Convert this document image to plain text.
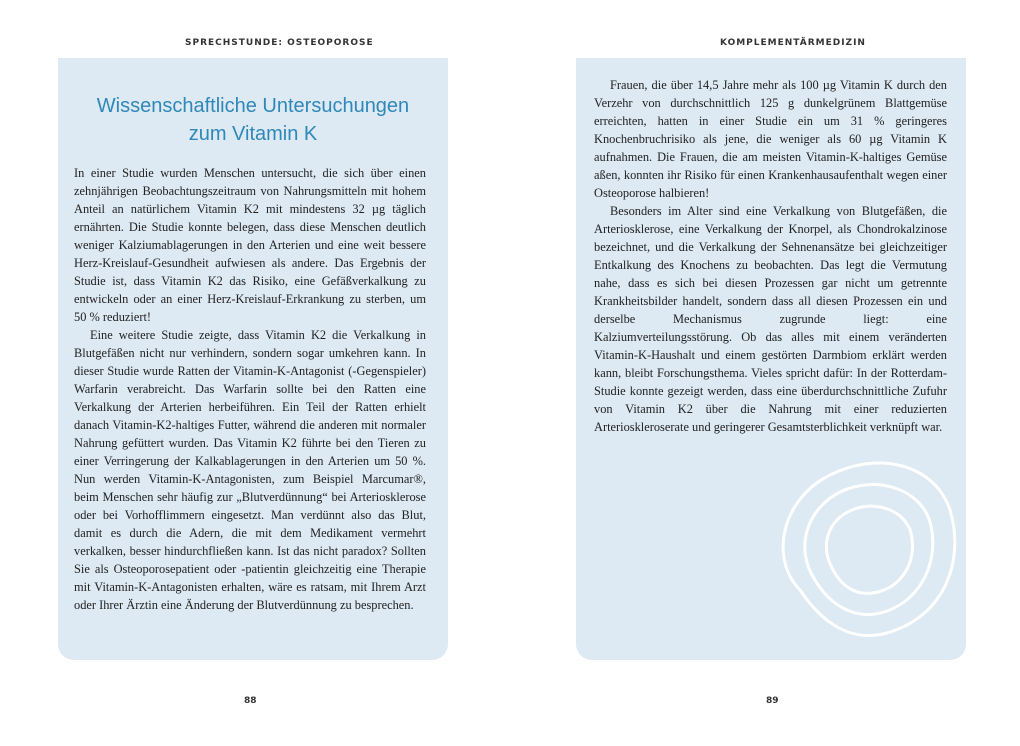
SPRECHSTUNDE: OSTEOPOROSE	KOMPLEMENTÄRMEDIZIN
Wissenschaftliche Untersuchungen
zum Vitamin K

In einer Studie wurden Menschen untersucht, die sich über einen zehnjährigen Beobachtungszeitraum von Nahrungsmitteln mit hohem Anteil an natürlichem Vitamin K2 mit mindestens 32 µg täglich ernährten. Die Studie konnte belegen, dass diese Menschen deutlich weniger Kalziumablagerungen in den Arterien und eine weit bessere Herz-Kreislauf-Gesundheit aufwiesen als andere. Das Ergebnis der Studie ist, dass Vitamin K2 das Risiko, eine Gefäßverkalkung zu entwickeln oder an einer Herz-Kreislauf-Erkrankung zu sterben, um 50 % reduziert!

Eine weitere Studie zeigte, dass Vitamin K2 die Verkalkung in Blutgefäßen nicht nur verhindern, sondern sogar umkehren kann. In dieser Studie wurde Ratten der Vitamin-K-Antagonist (-Gegenspieler) Warfarin verabreicht. Das Warfarin sollte bei den Ratten eine Verkalkung der Arterien herbeiführen. Ein Teil der Ratten erhielt danach Vitamin-K2-haltiges Futter, während die anderen mit normaler Nahrung gefüttert wurden. Das Vitamin K2 führte bei den Tieren zu einer Verringerung der Kalkablagerungen in den Arterien um 50 %. Nun werden Vitamin-K-Antagonisten, zum Beispiel Marcumar®, beim Menschen sehr häufig zur „Blutverdünnung“ bei Arteriosklerose oder bei Vorhofflimmern eingesetzt. Man verdünnt also das Blut, damit es durch die Adern, die mit dem Medikament vermehrt verkalken, besser hindurchfließen kann. Ist das nicht paradox? Sollten Sie als Osteoporosepatient oder -patientin gleichzeitig eine Therapie mit Vitamin-K-Antagonisten erhalten, wäre es ratsam, mit Ihrem Arzt oder Ihrer Ärztin eine Änderung der Blutverdünnung zu besprechen.

Frauen, die über 14,5 Jahre mehr als 100 µg Vitamin K durch den Verzehr von durchschnittlich 125 g dunkelgrünem Blattgemüse erreichten, hatten in einer Studie ein um 31 % geringeres Knochenbruchrisiko als jene, die weniger als 60 µg Vitamin K aufnahmen. Die Frauen, die am meisten Vitamin-K-haltiges Gemüse aßen, konnten ihr Risiko für einen Krankenhausaufenthalt wegen einer Osteoporose halbieren!

Besonders im Alter sind eine Verkalkung von Blutgefäßen, die Arteriosklerose, eine Verkalkung der Knorpel, als Chondrokalzinose bezeichnet, und die Verkalkung der Sehnenansätze bei gleichzeitiger Entkalkung des Knochens zu beobachten. Das legt die Vermutung nahe, dass es sich bei diesen Prozessen gar nicht um getrennte Krankheitsbilder handelt, sondern dass all diesen Prozessen ein und derselbe Mechanismus zugrunde liegt: eine Kalziumverteilungsstörung. Ob das alles mit einem veränderten Vitamin-K-Haushalt und einem gestörten Darmbiom erklärt werden kann, bleibt Forschungsthema. Vieles spricht dafür: In der Rotterdam-Studie konnte gezeigt werden, dass eine überdurchschnittliche Zufuhr von Vitamin K2 über die Nahrung mit einer reduzierten Arterioskleroserate und geringerer Gesamtsterblichkeit verknüpft war.

88	89
